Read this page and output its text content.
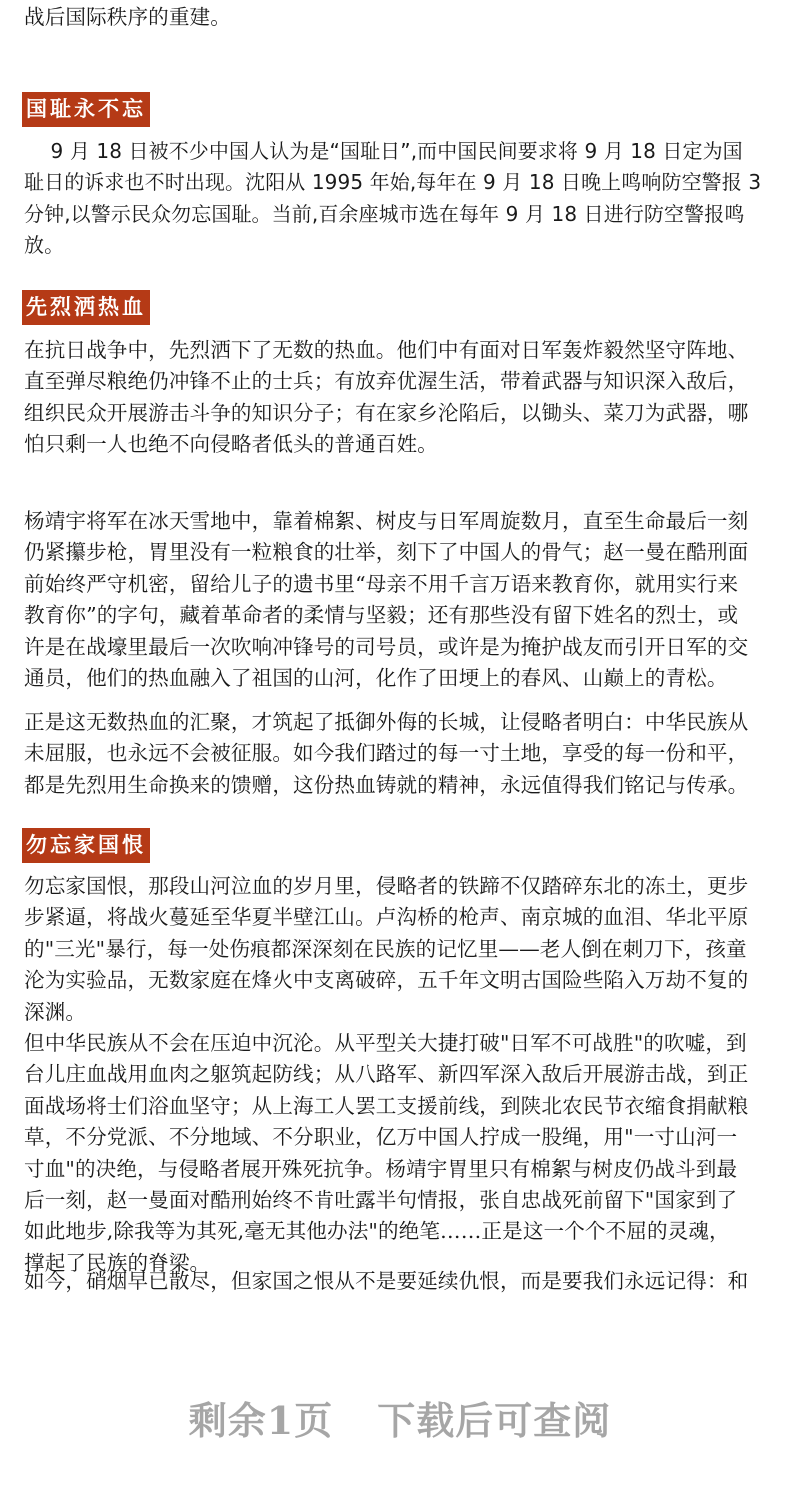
战后国际秩序的重建。
国耻永不忘
　 9 月 18 日被不少中国人认为是“国耻日”,而中国民间要求将 9 月 18 日定为国
耻日的诉求也不时出现。沈阳从 1995 年始,每年在 9 月 18 日晚上鸣响防空警报 3
分钟,以警示民众勿忘国耻。当前,百余座城市选在每年 9 月 18 日进行防空警报鸣
放。
先烈洒热血
在抗日战争中，先烈洒下了无数的热血。他们中有面对日军轰炸毅然坚守阵地、
直至弹尽粮绝仍冲锋不止的士兵；有放弃优渥生活，带着武器与知识深入敌后，
组织民众开展游击斗争的知识分子；有在家乡沦陷后，以锄头、菜刀为武器，哪
怕只剩一人也绝不向侵略者低头的普通百姓。
杨靖宇将军在冰天雪地中，靠着棉絮、树皮与日军周旋数月，直至生命最后一刻
仍紧攥步枪，胃里没有一粒粮食的壮举，刻下了中国人的骨气；赵一曼在酷刑面
前始终严守机密，留给儿子的遗书里“母亲不用千言万语来教育你，就用实行来
教育你”的字句，藏着革命者的柔情与坚毅；还有那些没有留下姓名的烈士，或
许是在战壕里最后一次吹响冲锋号的司号员，或许是为掩护战友而引开日军的交
通员，他们的热血融入了祖国的山河，化作了田埂上的春风、山巅上的青松。
正是这无数热血的汇聚，才筑起了抵御外侮的长城，让侵略者明白：中华民族从
未屈服，也永远不会被征服。如今我们踏过的每一寸土地，享受的每一份和平，
都是先烈用生命换来的馈赠，这份热血铸就的精神，永远值得我们铭记与传承。
勿忘家国恨
勿忘家国恨，那段山河泣血的岁月里，侵略者的铁蹄不仅踏碎东北的冻土，更步
步紧逼，将战火蔓延至华夏半壁江山。卢沟桥的枪声、南京城的血泪、华北平原
的"三光"暴行，每一处伤痕都深深刻在民族的记忆里——老人倒在刺刀下，孩童
沦为实验品，无数家庭在烽火中支离破碎，五千年文明古国险些陷入万劫不复的
深渊。
但中华民族从不会在压迫中沉沦。从平型关大捷打破"日军不可战胜"的吹嘘，到
台儿庄血战用血肉之躯筑起防线；从八路军、新四军深入敌后开展游击战，到正
面战场将士们浴血坚守；从上海工人罢工支援前线，到陕北农民节衣缩食捐献粮
草，不分党派、不分地域、不分职业，亿万中国人拧成一股绳，用"一寸山河一
寸血"的决绝，与侵略者展开殊死抗争。杨靖宇胃里只有棉絮与树皮仍战斗到最
后一刻，赵一曼面对酷刑始终不肯吐露半句情报，张自忠战死前留下"国家到了
如此地步,除我等为其死,毫无其他办法"的绝笔……正是这一个个不屈的灵魂，
撑起了民族的脊梁。
如今，硝烟早已散尽，但家国之恨从不是要延续仇恨，而是要我们永远记得：和
剩余1页 下载后可查阅
